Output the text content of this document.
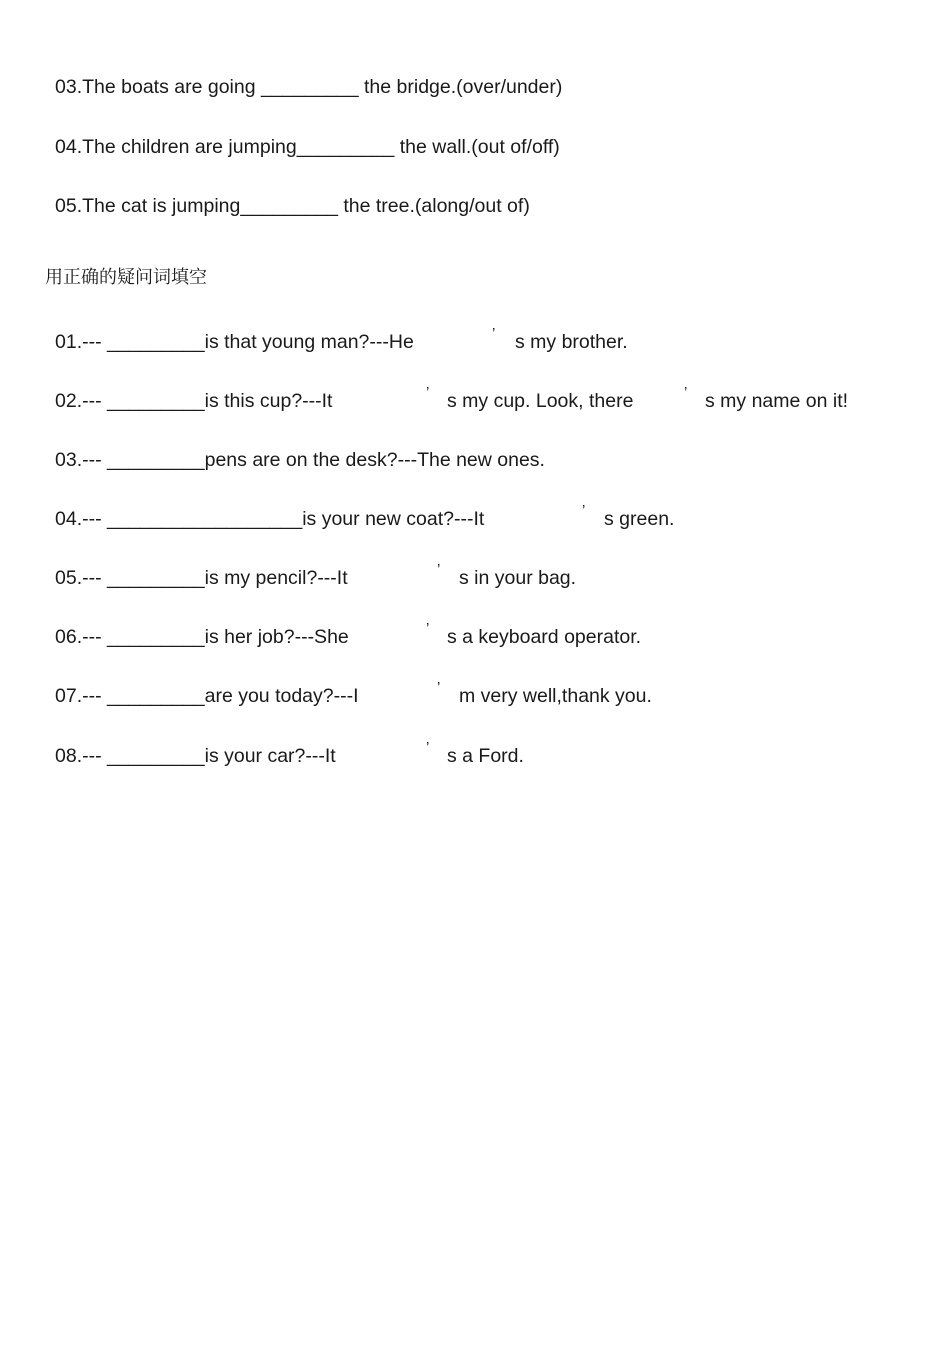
03.The boats are going _________ the bridge.(over/under)

04.The children are jumping_________ the wall.(out of/off)

05.The cat is jumping_________ the tree.(along/out of)

用正确的疑问词填空

01.--- _________is that young man?---He

	’

s my brother.

02.--- _________is this cup?---It

	’

s my cup. Look, there

	’

s my name on it!

03.--- _________pens are on the desk?---The new ones.

04.--- __________________is your new coat?---It

	’

s green.

05.--- _________is my pencil?---It

	’

s in your bag.

06.--- _________is her job?---She

	’

s a keyboard operator.

07.--- _________are you today?---I

	’

m very well,thank you.

08.--- _________is your car?---It

	’

s a Ford.
